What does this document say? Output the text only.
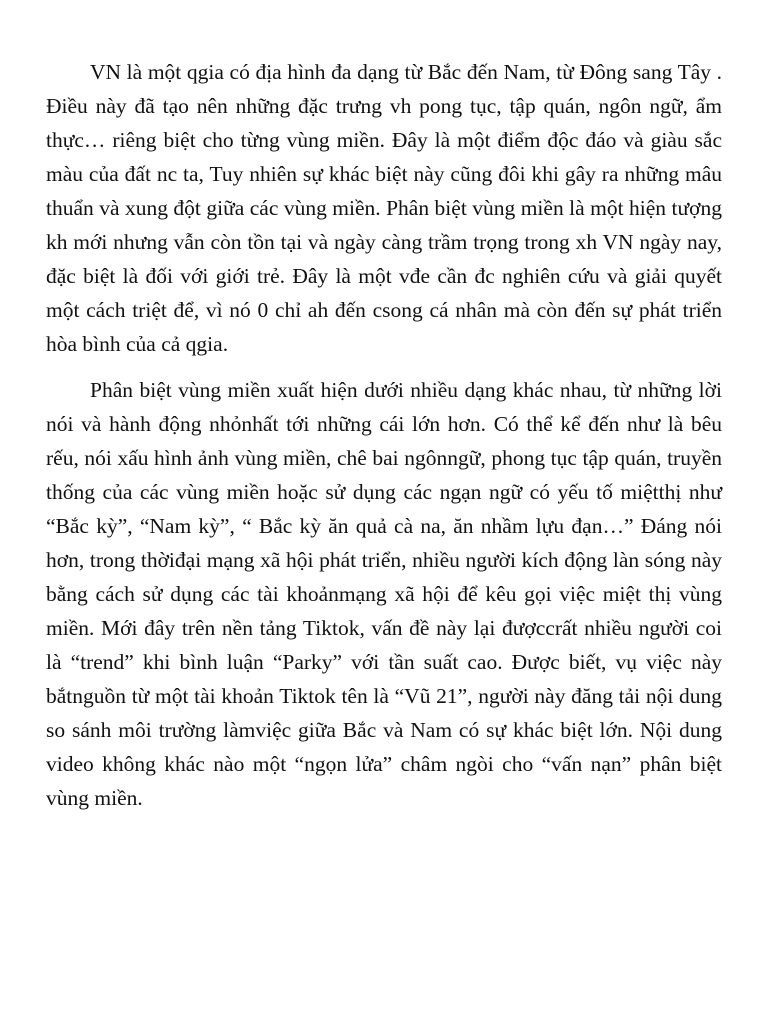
VN là một qgia có địa hình đa dạng từ Bắc đến Nam, từ Đông sang Tây . Điều này đã tạo nên những đặc trưng vh pong tục, tập quán, ngôn ngữ, ẩm thực… riêng biệt cho từng vùng miền. Đây là một điểm độc đáo và giàu sắc màu của đất nc ta, Tuy nhiên sự khác biệt này cũng đôi khi gây ra những mâu thuẩn và xung đột giữa các vùng miền. Phân biệt vùng miền là một hiện tượng kh mới nhưng vẫn còn tồn tại và ngày càng trầm trọng trong xh VN ngày nay, đặc biệt là đối với giới trẻ. Đây là một vđe cần đc nghiên cứu và giải quyết một cách triệt để, vì nó 0 chỉ ah đến csong cá nhân mà còn đến sự phát triển hòa bình của cả qgia.

Phân biệt vùng miền xuất hiện dưới nhiều dạng khác nhau, từ những lời nói và hành động nhỏnhất tới những cái lớn hơn. Có thể kể đến như là bêu rếu, nói xấu hình ảnh vùng miền, chê bai ngônngữ, phong tục tập quán, truyền thống của các vùng miền hoặc sử dụng các ngạn ngữ có yếu tố miệtthị như “Bắc kỳ”, “Nam kỳ”, “ Bắc kỳ ăn quả cà na, ăn nhầm lựu đạn…” Đáng nói hơn, trong thờiđại mạng xã hội phát triển, nhiều người kích động làn sóng này bằng cách sử dụng các tài khoảnmạng xã hội để kêu gọi việc miệt thị vùng miền. Mới đây trên nền tảng Tiktok, vấn đề này lại đượccrất nhiều người coi là “trend” khi bình luận “Parky” với tần suất cao. Được biết, vụ việc này bắtnguồn từ một tài khoản Tiktok tên là “Vũ 21”, người này đăng tải nội dung so sánh môi trường làmviệc giữa Bắc và Nam có sự khác biệt lớn. Nội dung video không khác nào một “ngọn lửa” châm ngòi cho “vấn nạn” phân biệt vùng miền.
